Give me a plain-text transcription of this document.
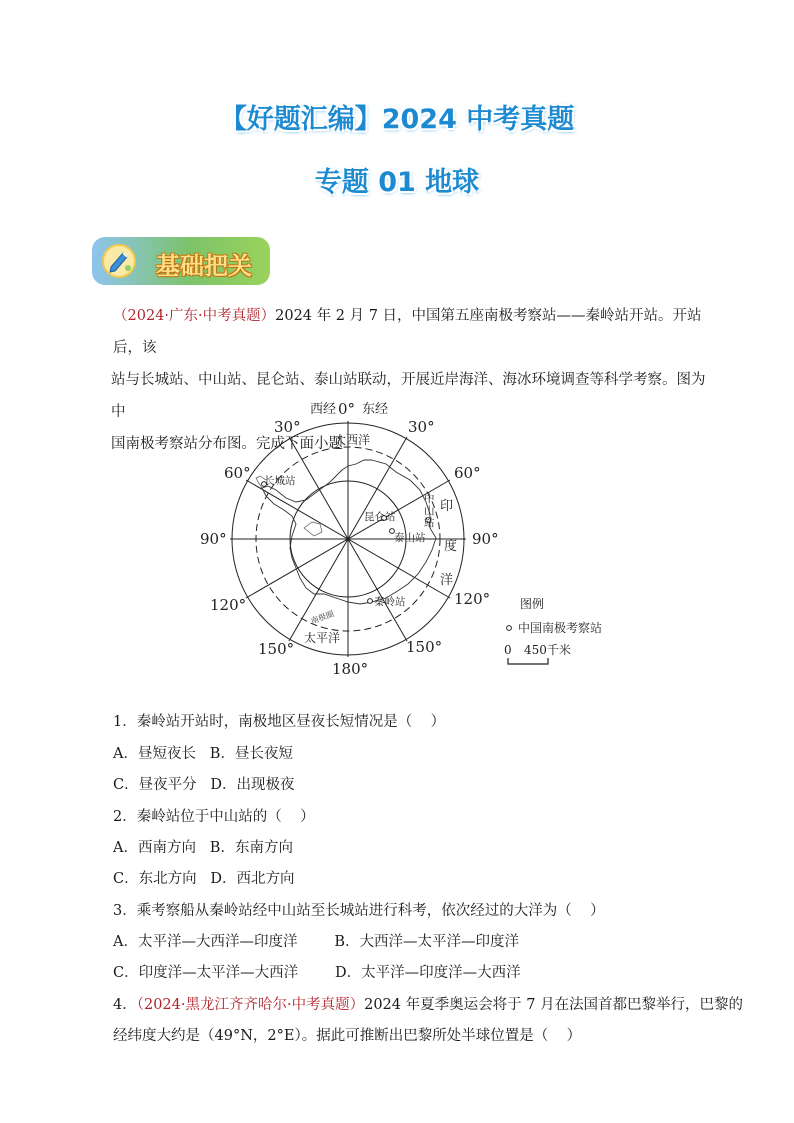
【好题汇编】2024 中考真题
专题 01 地球
基础把关
（2024·广东·中考真题）2024 年 2 月 7 日，中国第五座南极考察站——秦岭站开站。开站后，该
站与长城站、中山站、昆仑站、泰山站联动，开展近岸海洋、海冰环境调查等科学考察。图为中
国南极考察站分布图。完成下面小题
西经 0° 东经
30°
60°
90°
120°
150°
30°
60°
90°
120°
150°
180°
大西洋
太平洋
印
度
洋
南极圈
长城站
昆仑站
泰山站
秦岭站
中
山
站
图例
中国南极考察站
0 450千米
1．秦岭站开站时，南极地区昼夜长短情况是（    ）
A．昼短夜长   B．昼长夜短
C．昼夜平分   D．出现极夜
2．秦岭站位于中山站的（    ）
A．西南方向   B．东南方向
C．东北方向   D．西北方向
3．乘考察船从秦岭站经中山站至长城站进行科考，依次经过的大洋为（    ）
A．太平洋—大西洋—印度洋        B．大西洋—太平洋—印度洋
C．印度洋—太平洋—大西洋        D．太平洋—印度洋—大西洋
4．（2024·黑龙江齐齐哈尔·中考真题）2024 年夏季奥运会将于 7 月在法国首都巴黎举行，巴黎的
经纬度大约是（49°N，2°E）。据此可推断出巴黎所处半球位置是（    ）
